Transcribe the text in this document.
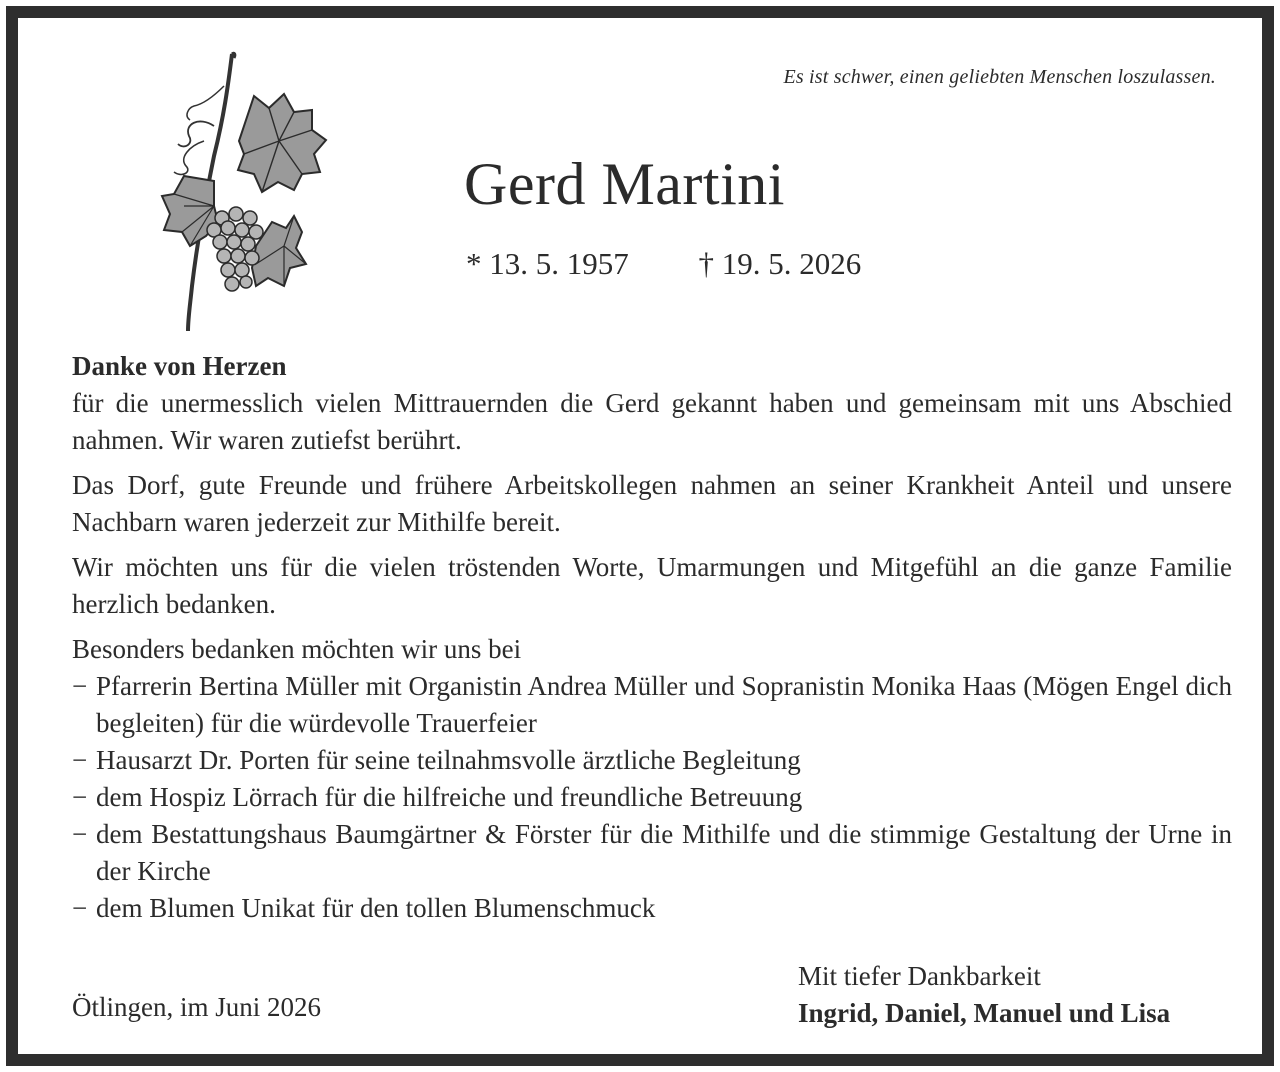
Es ist schwer, einen geliebten Menschen loszulassen.
Gerd Martini
* 13. 5. 1957 † 19. 5. 2026
Danke von Herzen

für die unermesslich vielen Mittrauernden die Gerd gekannt haben und gemeinsam mit uns Abschied nahmen. Wir waren zutiefst berührt.

Das Dorf, gute Freunde und frühere Arbeitskollegen nahmen an seiner Krankheit Anteil und unsere Nachbarn waren jederzeit zur Mithilfe bereit.

Wir möchten uns für die vielen tröstenden Worte, Umarmungen und Mitgefühl an die ganze Familie herzlich bedanken.

Besonders bedanken möchten wir uns bei
− Pfarrerin Bertina Müller mit Organistin Andrea Müller und Sopranistin Monika Haas (Mögen Engel dich begleiten) für die würdevolle Trauerfeier
− Hausarzt Dr. Porten für seine teilnahmsvolle ärztliche Begleitung
− dem Hospiz Lörrach für die hilfreiche und freundliche Betreuung
− dem Bestattungshaus Baumgärtner & Förster für die Mithilfe und die stimmige Gestaltung der Urne in der Kirche
− dem Blumen Unikat für den tollen Blumenschmuck
Ötlingen, im Juni 2026
Mit tiefer Dankbarkeit
Ingrid, Daniel, Manuel und Lisa
